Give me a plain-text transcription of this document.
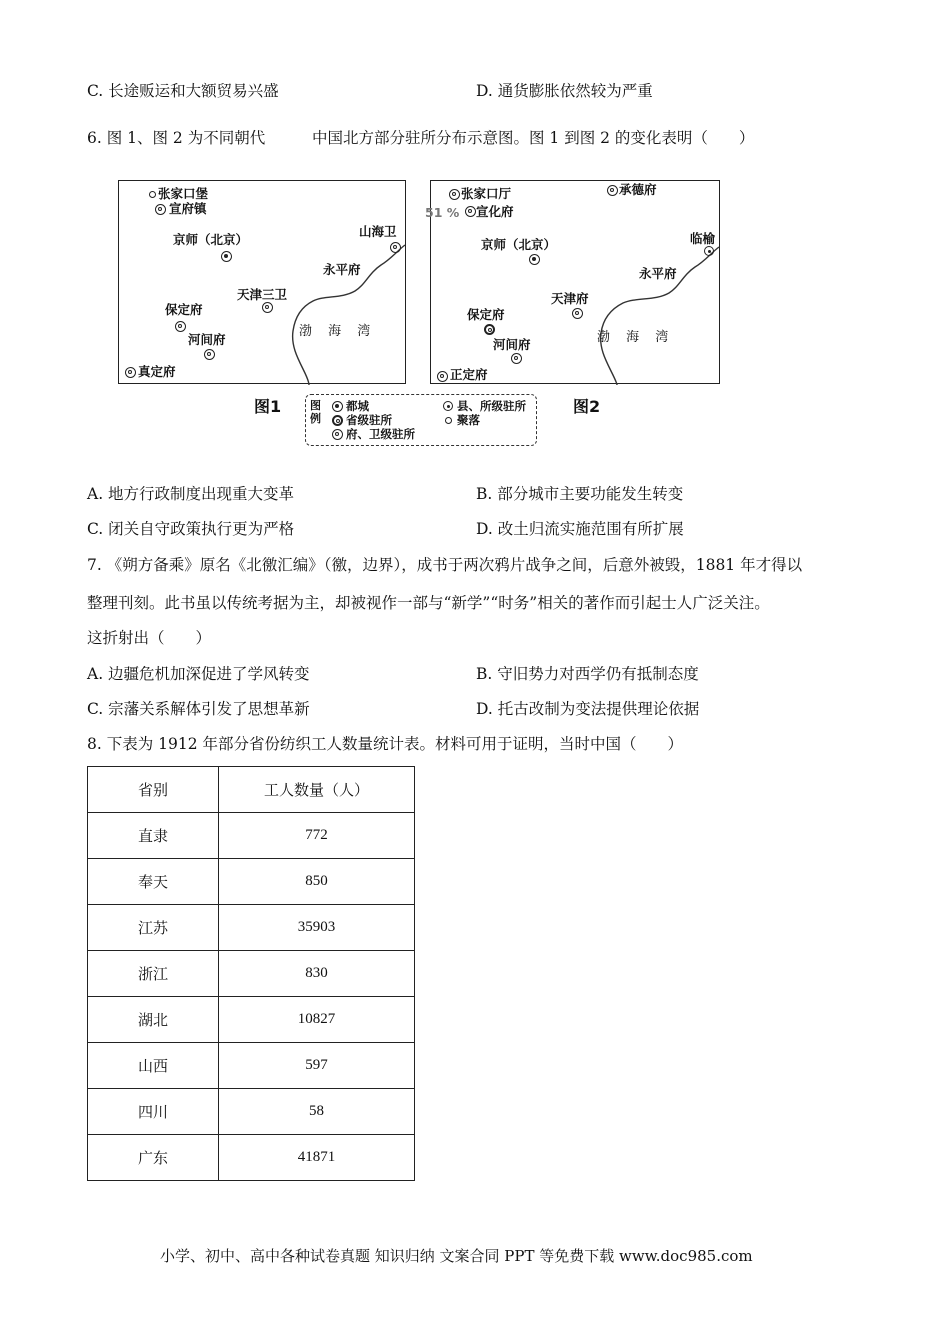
C. 长途贩运和大额贸易兴盛	D. 通货膨胀依然较为严重
6. 图 1、图 2 为不同朝代	中国北方部分驻所分布示意图。图 1 到图 2 的变化表明（　　）
张家口堡
宣府镇
京师（北京）
山海卫
永平府
天津三卫
保定府
河间府
真定府
渤 海 湾
张家口厅	承德府
51 % 宣化府
京师（北京）	临榆
永平府
天津府
保定府
河间府
正定府
渤 海 湾
图1	图2
图例
都城
省级驻所
府、卫级驻所
县、所级驻所
聚落
A. 地方行政制度出现重大变革	B. 部分城市主要功能发生转变
C. 闭关自守政策执行更为严格	D. 改土归流实施范围有所扩展
7. 《朔方备乘》原名《北徼汇编》（徼，边界），成书于两次鸦片战争之间，后意外被毁，1881 年才得以
整理刊刻。此书虽以传统考据为主，却被视作一部与“新学”“时务”相关的著作而引起士人广泛关注。
这折射出（　　）
A. 边疆危机加深促进了学风转变	B. 守旧势力对西学仍有抵制态度
C. 宗藩关系解体引发了思想革新	D. 托古改制为变法提供理论依据
8. 下表为 1912 年部分省份纺织工人数量统计表。材料可用于证明，当时中国（　　）
省别	工人数量（人）
直隶	772
奉天	850
江苏	35903
浙江	830
湖北	10827
山西	597
四川	58
广东	41871
小学、初中、高中各种试卷真题 知识归纳 文案合同 PPT 等免费下载 www.doc985.com
